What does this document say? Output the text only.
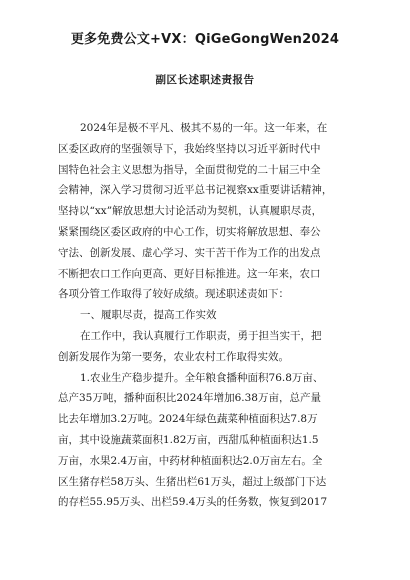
更多免费公文+VX：QiGeGongWen2024
副区长述职述责报告
2024年是极不平凡、极其不易的一年。这一年来，在
区委区政府的坚强领导下，我始终坚持以习近平新时代中
国特色社会主义思想为指导，全面贯彻党的二十届三中全
会精神，深入学习贯彻习近平总书记视察xx重要讲话精神，
坚持以“xx”解放思想大讨论活动为契机，认真履职尽责，
紧紧围绕区委区政府的中心工作，切实将解放思想、奉公
守法、创新发展、虚心学习、实干苦干作为工作的出发点
不断把农口工作向更高、更好目标推进。这一年来，农口
各项分管工作取得了较好成绩。现述职述责如下：
一、履职尽责，提高工作实效
在工作中，我认真履行工作职责，勇于担当实干，把
创新发展作为第一要务，农业农村工作取得实效。
1.农业生产稳步提升。全年粮食播种面积76.8万亩、
总产35万吨，播种面积比2024年增加6.38万亩，总产量
比去年增加3.2万吨。2024年绿色蔬菜种植面积达7.8万
亩，其中设施蔬菜面积1.82万亩，西甜瓜种植面积达1.5
万亩，水果2.4万亩，中药材种植面积达2.0万亩左右。全
区生猪存栏58万头、生猪出栏61万头，超过上级部门下达
的存栏55.95万头、出栏59.4万头的任务数，恢复到2017
